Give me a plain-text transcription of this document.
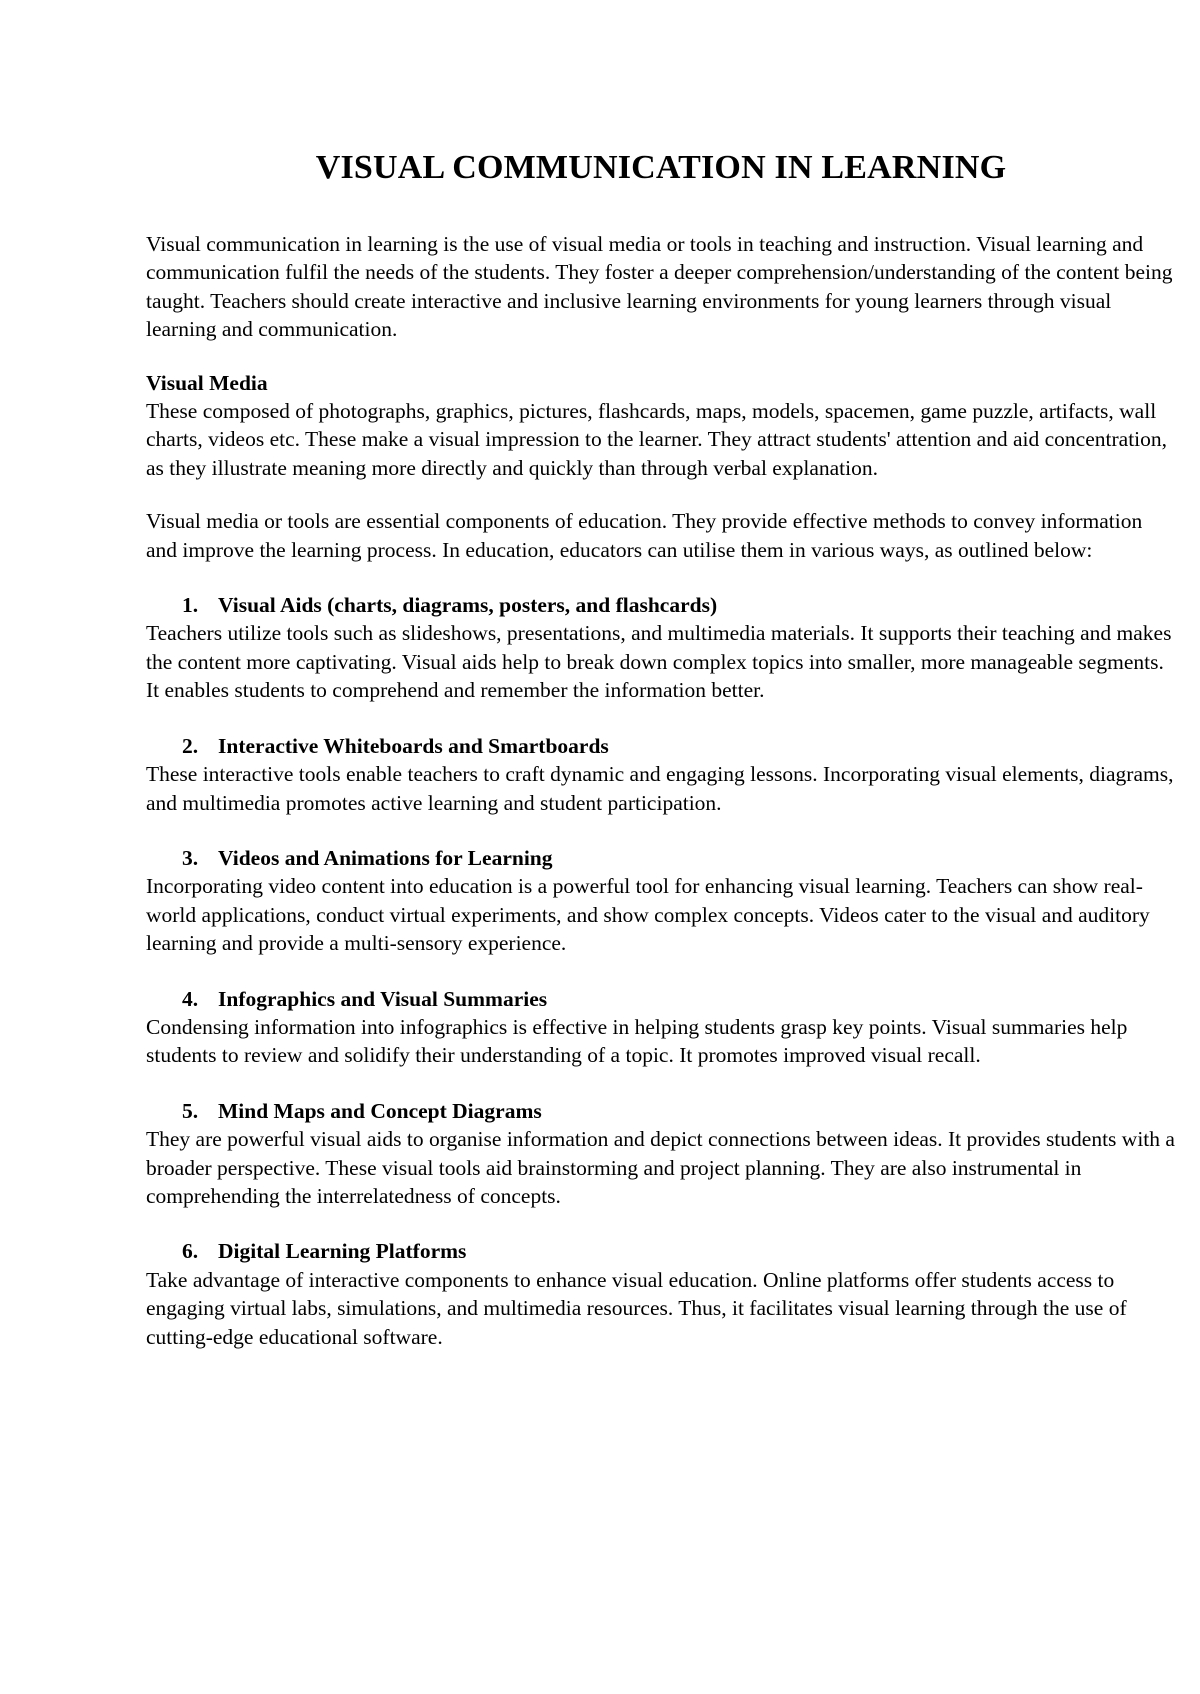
VISUAL COMMUNICATION IN LEARNING

Visual communication in learning is the use of visual media or tools in teaching and instruction. Visual learning and communication fulfil the needs of the students. They foster a deeper comprehension/understanding of the content being taught. Teachers should create interactive and inclusive learning environments for young learners through visual learning and communication.

Visual Media

These composed of photographs, graphics, pictures, flashcards, maps, models, spacemen, game puzzle, artifacts, wall charts, videos etc. These make a visual impression to the learner. They attract students' attention and aid concentration, as they illustrate meaning more directly and quickly than through verbal explanation.

Visual media or tools are essential components of education. They provide effective methods to convey information and improve the learning process. In education, educators can utilise them in various ways, as outlined below:

1. Visual Aids (charts, diagrams, posters, and flashcards)

Teachers utilize tools such as slideshows, presentations, and multimedia materials. It supports their teaching and makes the content more captivating. Visual aids help to break down complex topics into smaller, more manageable segments. It enables students to comprehend and remember the information better.

2. Interactive Whiteboards and Smartboards

These interactive tools enable teachers to craft dynamic and engaging lessons. Incorporating visual elements, diagrams, and multimedia promotes active learning and student participation.

3. Videos and Animations for Learning

Incorporating video content into education is a powerful tool for enhancing visual learning. Teachers can show real-world applications, conduct virtual experiments, and show complex concepts. Videos cater to the visual and auditory learning and provide a multi-sensory experience.

4. Infographics and Visual Summaries

Condensing information into infographics is effective in helping students grasp key points. Visual summaries help students to review and solidify their understanding of a topic. It promotes improved visual recall.

5. Mind Maps and Concept Diagrams

They are powerful visual aids to organise information and depict connections between ideas. It provides students with a broader perspective. These visual tools aid brainstorming and project planning. They are also instrumental in comprehending the interrelatedness of concepts.

6. Digital Learning Platforms

Take advantage of interactive components to enhance visual education. Online platforms offer students access to engaging virtual labs, simulations, and multimedia resources. Thus, it facilitates visual learning through the use of cutting-edge educational software.
